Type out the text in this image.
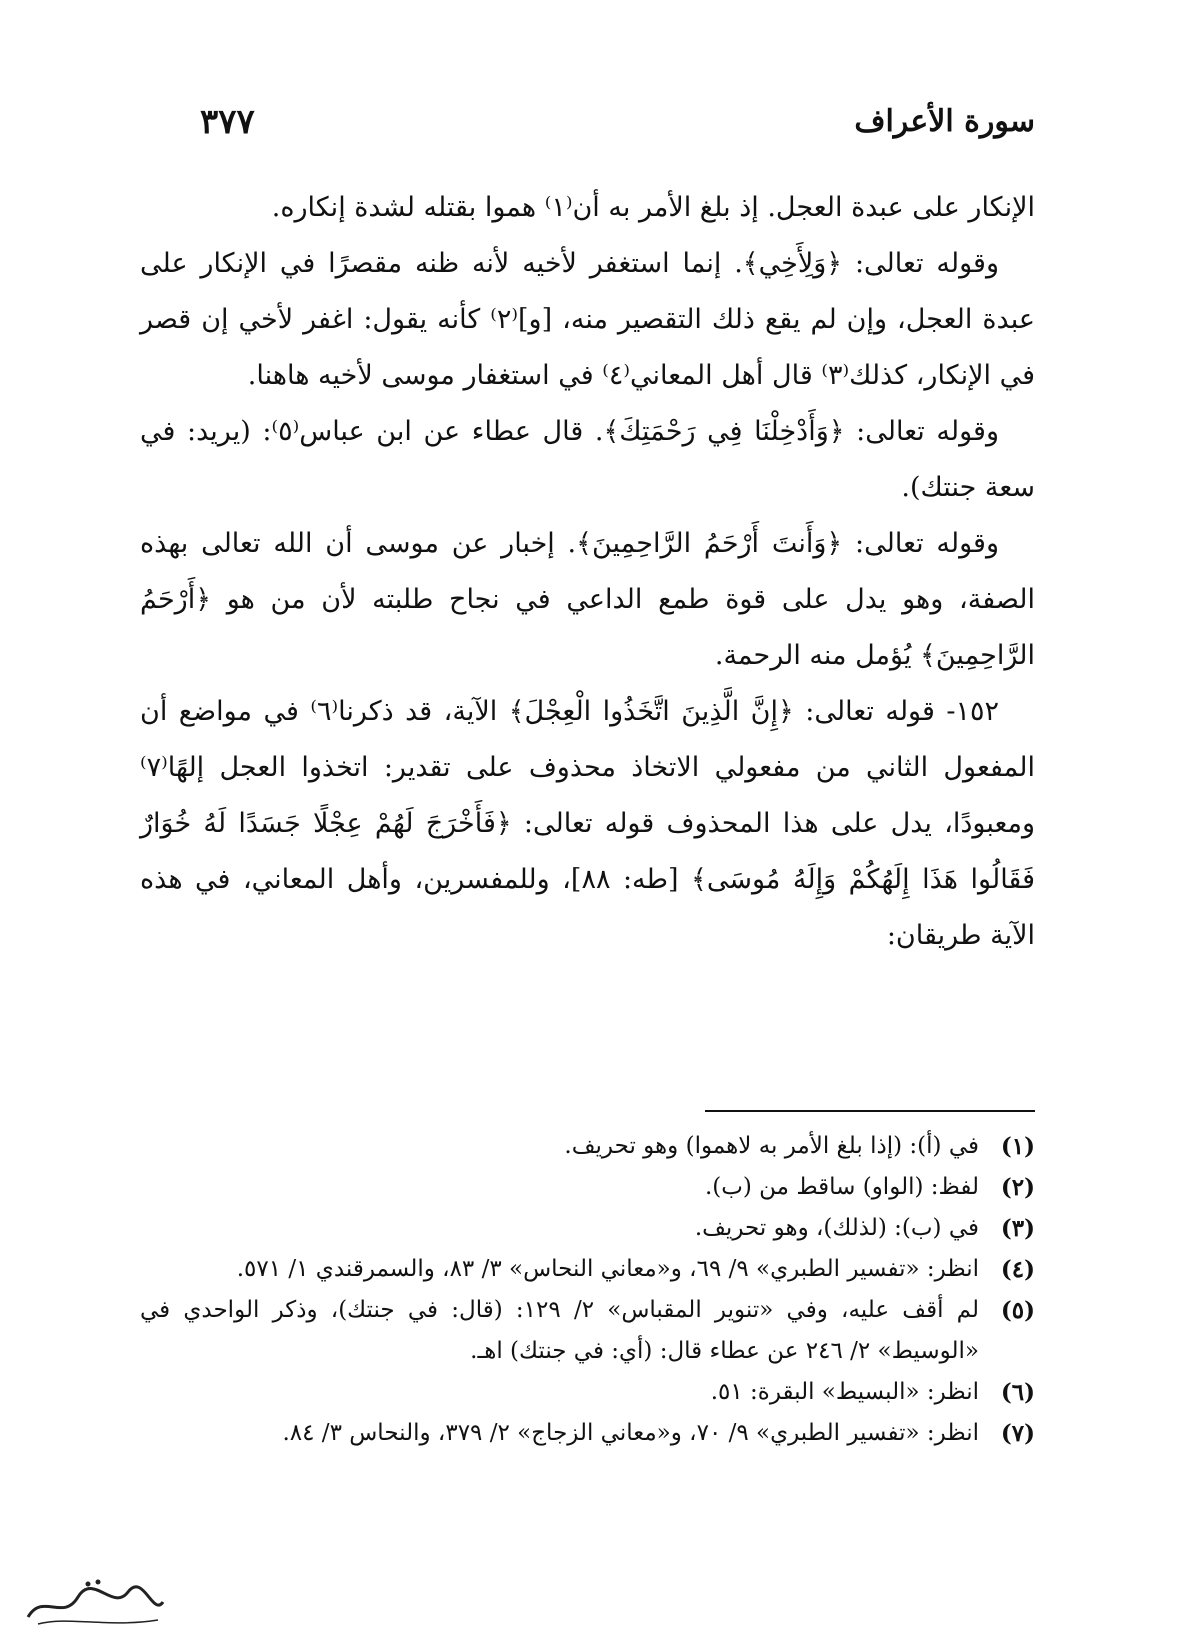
سورة الأعراف
٣٧٧

الإنكار على عبدة العجل. إذ بلغ الأمر به أن⁽١⁾ هموا بقتله لشدة إنكاره.

وقوله تعالى: ﴿وَلِأَخِي﴾. إنما استغفر لأخيه لأنه ظنه مقصرًا في الإنكار على عبدة العجل، وإن لم يقع ذلك التقصير منه، [و]⁽٢⁾ كأنه يقول: اغفر لأخي إن قصر في الإنكار، كذلك⁽٣⁾ قال أهل المعاني⁽٤⁾ في استغفار موسى لأخيه هاهنا.

وقوله تعالى: ﴿وَأَدْخِلْنَا فِي رَحْمَتِكَ﴾. قال عطاء عن ابن عباس⁽٥⁾: (يريد: في سعة جنتك).

وقوله تعالى: ﴿وَأَنتَ أَرْحَمُ الرَّاحِمِينَ﴾. إخبار عن موسى أن الله تعالى بهذه الصفة، وهو يدل على قوة طمع الداعي في نجاح طلبته لأن من هو ﴿أَرْحَمُ الرَّاحِمِينَ﴾ يُؤمل منه الرحمة.

١٥٢- قوله تعالى: ﴿إِنَّ الَّذِينَ اتَّخَذُوا الْعِجْلَ﴾ الآية، قد ذكرنا⁽٦⁾ في مواضع أن المفعول الثاني من مفعولي الاتخاذ محذوف على تقدير: اتخذوا العجل إلهًا⁽٧⁾ ومعبودًا، يدل على هذا المحذوف قوله تعالى: ﴿فَأَخْرَجَ لَهُمْ عِجْلًا جَسَدًا لَهُ خُوَارٌ فَقَالُوا هَذَا إِلَهُكُمْ وَإِلَهُ مُوسَى﴾ [طه: ٨٨]، وللمفسرين، وأهل المعاني، في هذه الآية طريقان:

(١)
في (أ): (إذا بلغ الأمر به لاهموا) وهو تحريف.
(٢)
لفظ: (الواو) ساقط من (ب).
(٣)
في (ب): (لذلك)، وهو تحريف.
(٤)
انظر: «تفسير الطبري» ٩/ ٦٩، و«معاني النحاس» ٣/ ٨٣، والسمرقندي ١/ ٥٧١.
(٥)
لم أقف عليه، وفي «تنوير المقباس» ٢/ ١٢٩: (قال: في جنتك)، وذكر الواحدي في «الوسيط» ٢/ ٢٤٦ عن عطاء قال: (أي: في جنتك) اهـ.
(٦)
انظر: «البسيط» البقرة: ٥١.
(٧)
انظر: «تفسير الطبري» ٩/ ٧٠، و«معاني الزجاج» ٢/ ٣٧٩، والنحاس ٣/ ٨٤.
